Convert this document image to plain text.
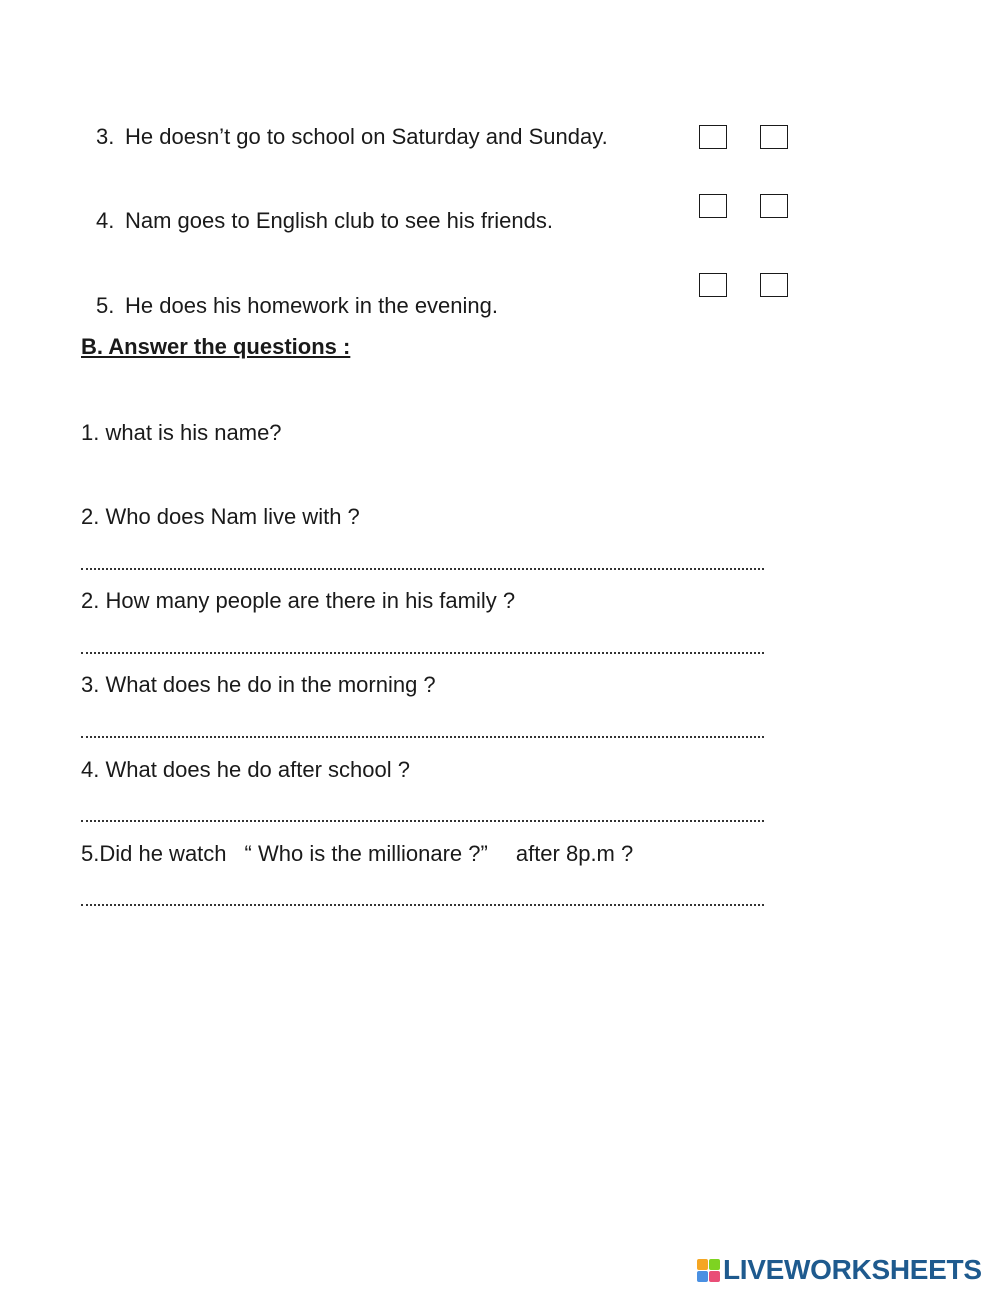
3. He doesn’t go to school on Saturday and Sunday.
4. Nam goes to English club to see his friends.
5. He does his homework in the evening.
B. Answer the questions :
1. what is his name?
2. Who does Nam live with ?
2. How many people are there in his family ?
3. What does he do in the morning ?
4. What does he do after school ?
5.Did he watch “ Who is the millionare ?” after 8p.m ?
LIVEWORKSHEETS
